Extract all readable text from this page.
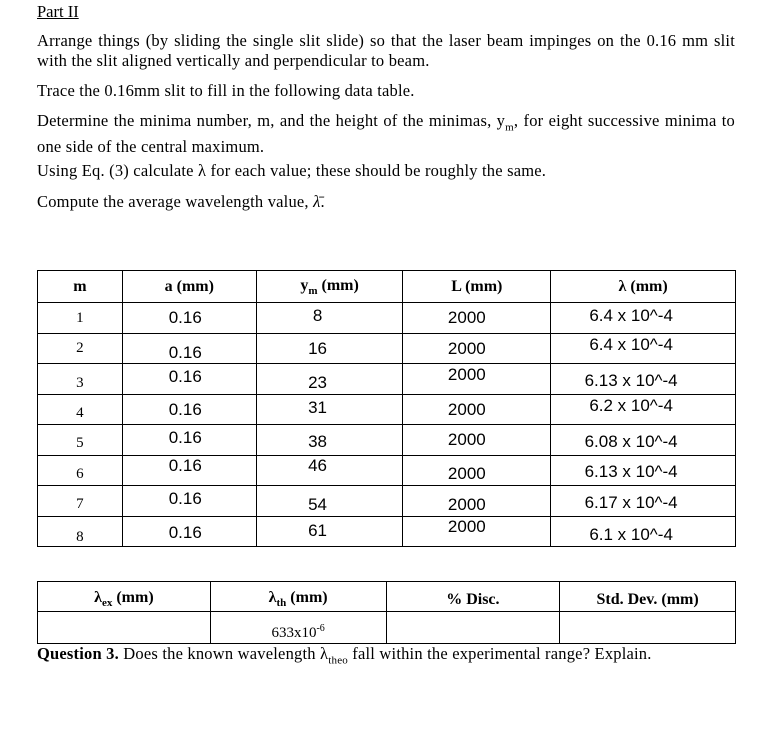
Part II

Arrange things (by sliding the single slit slide) so that the laser beam impinges on the 0.16 mm slit with the slit aligned vertically and perpendicular to beam.

Trace the 0.16mm slit to fill in the following data table.

Determine the minima number, m, and the height of the minimas, $y_m$, for eight successive minima to one side of the central maximum.

Using Eq. (3) calculate λ for each value; these should be roughly the same.

Compute the average wavelength value, λ̄.

m	a (mm)	$y_m$ (mm)	L (mm)	λ (mm)

1	0.16	8	2000	6.4 x 10^-4

2	0.16	16	2000	6.4 x 10^-4

3	0.16	23	2000	6.13 x 10^-4

4	0.16	31	2000	6.2 x 10^-4

5	0.16	38	2000	6.08 x 10^-4

6	0.16	46	2000	6.13 x 10^-4

7	0.16	54	2000	6.17 x 10^-4

8	0.16	61	2000	6.1 x 10^-4
$\lambda_{ex}$ (mm)	$\lambda_{th}$ (mm)	% Disc.	Std. Dev. (mm)

	$633x10^{-6}$

Question 3. Does the known wavelength $\lambda_{theo}$ fall within the experimental range? Explain.
